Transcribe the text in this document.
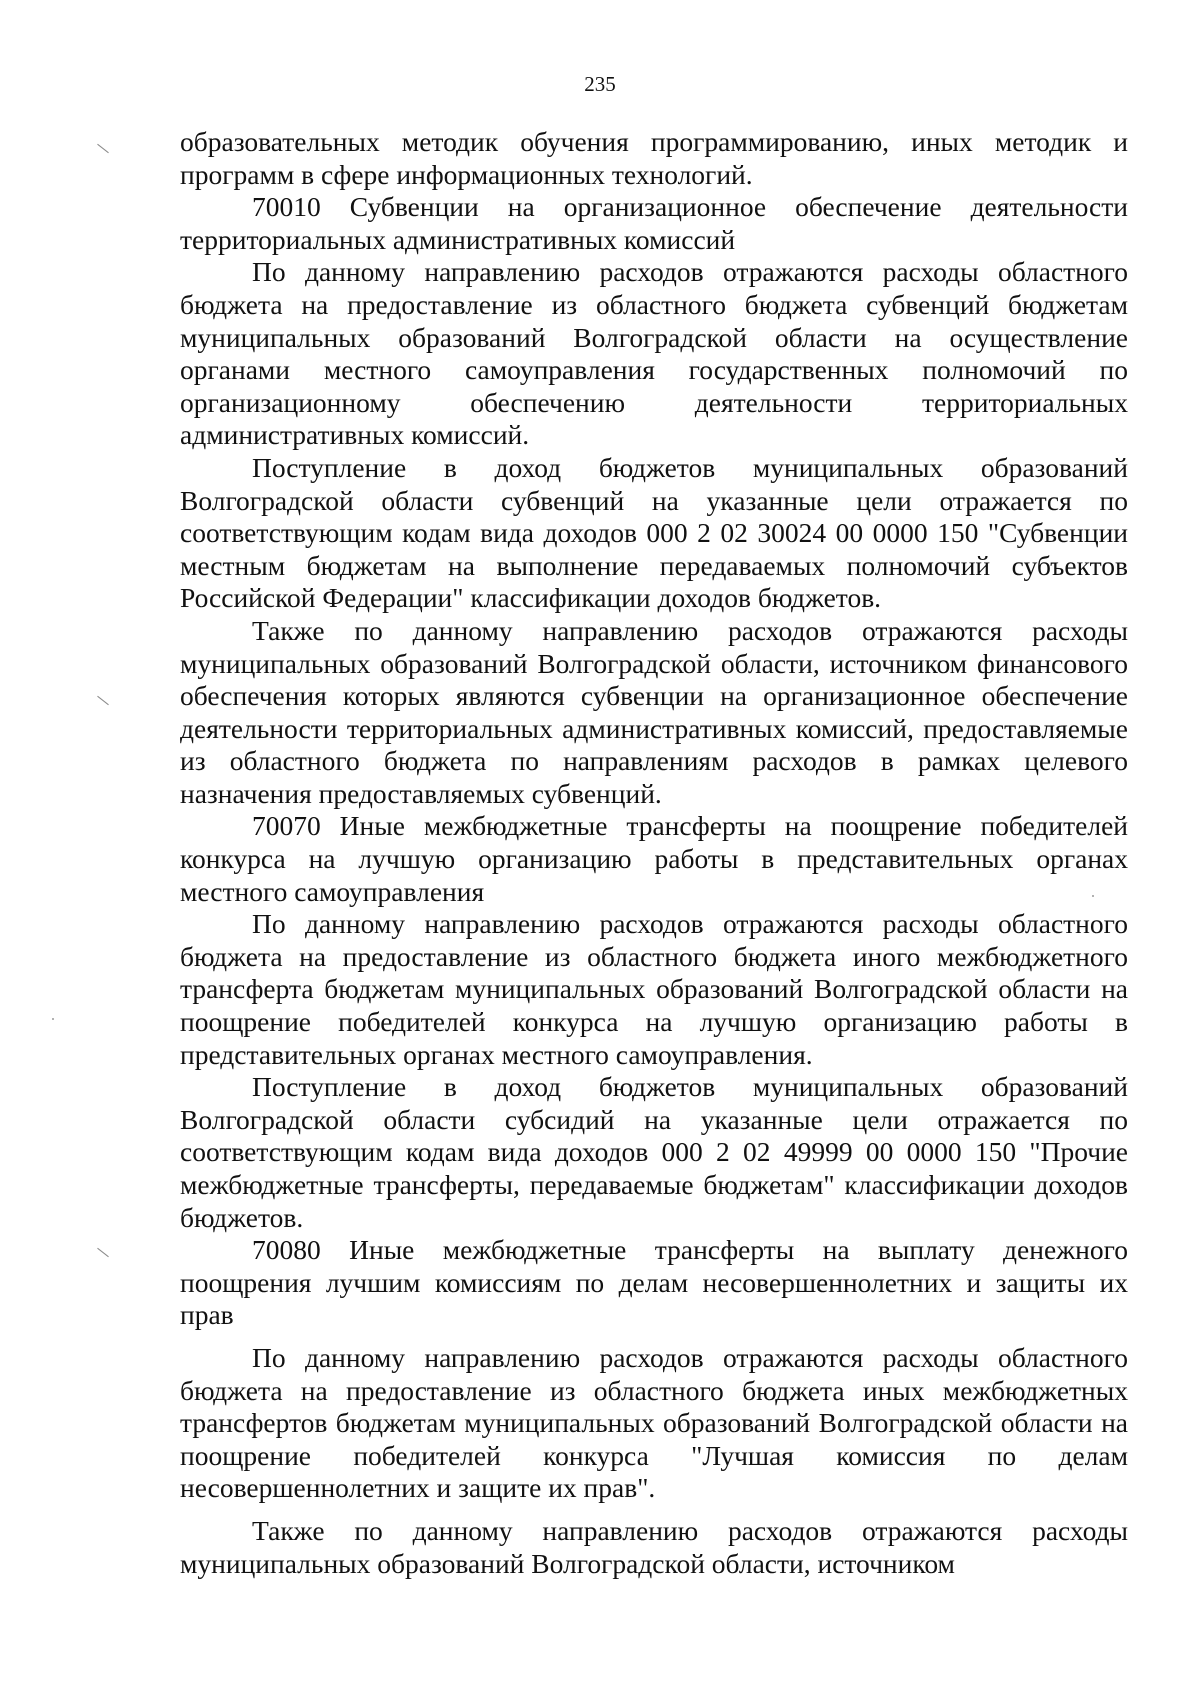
235

образовательных методик обучения программированию, иных методик и программ в сфере информационных технологий.

70010 Субвенции на организационное обеспечение деятельности территориальных административных комиссий

По данному направлению расходов отражаются расходы областного бюджета на предоставление из областного бюджета субвенций бюджетам муниципальных образований Волгоградской области на осуществление органами местного самоуправления государственных полномочий по организационному обеспечению деятельности территориальных административных комиссий.

Поступление в доход бюджетов муниципальных образований Волгоградской области субвенций на указанные цели отражается по соответствующим кодам вида доходов 000 2 02 30024 00 0000 150 "Субвенции местным бюджетам на выполнение передаваемых полномочий субъектов Российской Федерации" классификации доходов бюджетов.

Также по данному направлению расходов отражаются расходы муниципальных образований Волгоградской области, источником финансового обеспечения которых являются субвенции на организационное обеспечение деятельности территориальных административных комиссий, предоставляемые из областного бюджета по направлениям расходов в рамках целевого назначения предоставляемых субвенций.

70070 Иные межбюджетные трансферты на поощрение победителей конкурса на лучшую организацию работы в представительных органах местного самоуправления

По данному направлению расходов отражаются расходы областного бюджета на предоставление из областного бюджета иного межбюджетного трансферта бюджетам муниципальных образований Волгоградской области на поощрение победителей конкурса на лучшую организацию работы в представительных органах местного самоуправления.

Поступление в доход бюджетов муниципальных образований Волгоградской области субсидий на указанные цели отражается по соответствующим кодам вида доходов 000 2 02 49999 00 0000 150 "Прочие межбюджетные трансферты, передаваемые бюджетам" классификации доходов бюджетов.

70080 Иные межбюджетные трансферты на выплату денежного поощрения лучшим комиссиям по делам несовершеннолетних и защиты их прав

По данному направлению расходов отражаются расходы областного бюджета на предоставление из областного бюджета иных межбюджетных трансфертов бюджетам муниципальных образований Волгоградской области на поощрение победителей конкурса "Лучшая комиссия по делам несовершеннолетних и защите их прав".

Также по данному направлению расходов отражаются расходы муниципальных образований Волгоградской области, источником
